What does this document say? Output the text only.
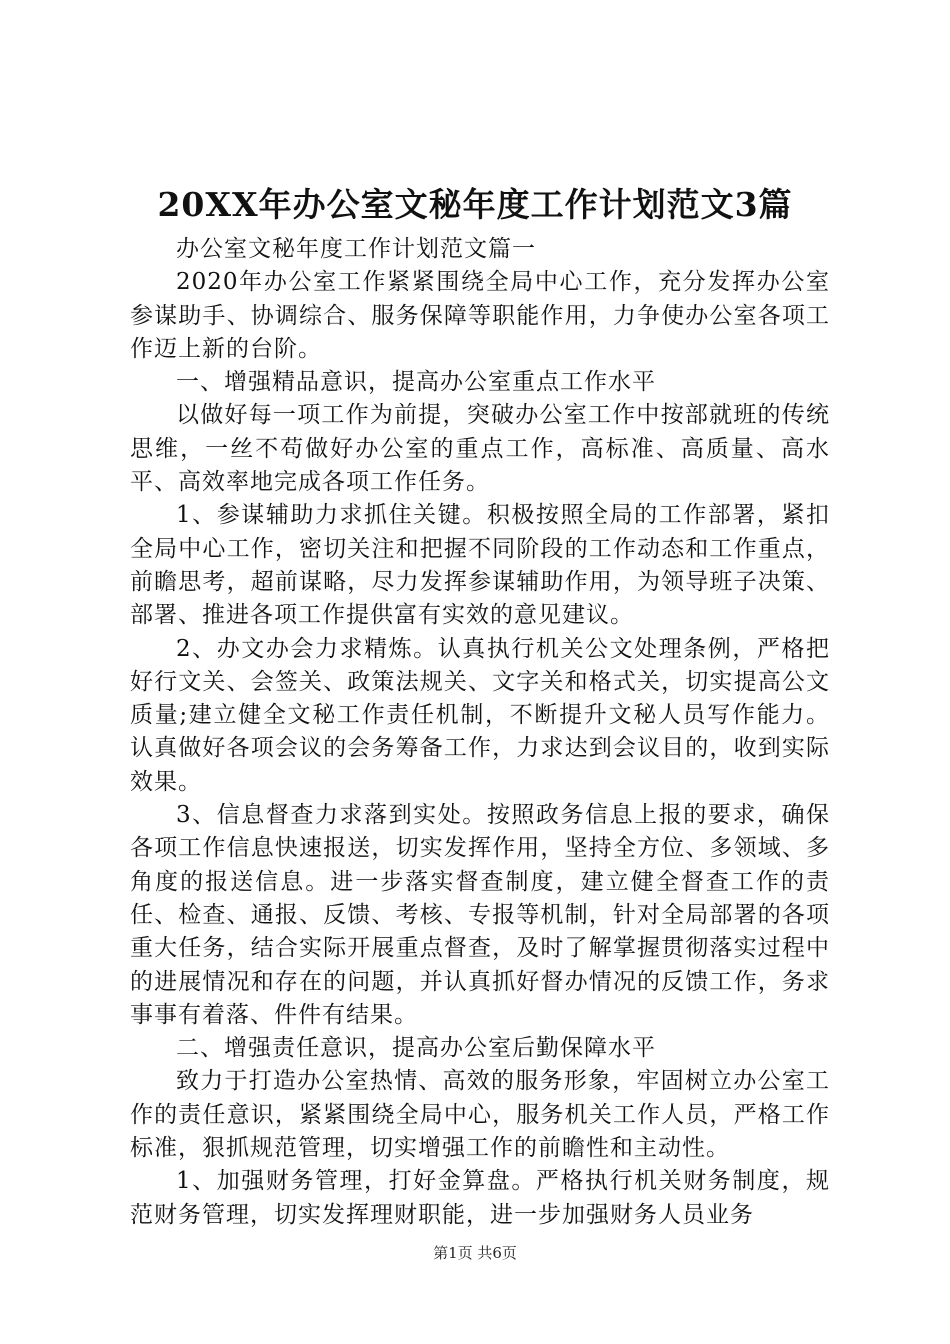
20XX年办公室文秘年度工作计划范文3篇

办公室文秘年度工作计划范文篇一

2020年办公室工作紧紧围绕全局中心工作，充分发挥办公室参谋助手、协调综合、服务保障等职能作用，力争使办公室各项工作迈上新的台阶。

一、增强精品意识，提高办公室重点工作水平

以做好每一项工作为前提，突破办公室工作中按部就班的传统思维，一丝不苟做好办公室的重点工作，高标准、高质量、高水平、高效率地完成各项工作任务。

1、参谋辅助力求抓住关键。积极按照全局的工作部署，紧扣全局中心工作，密切关注和把握不同阶段的工作动态和工作重点，前瞻思考，超前谋略，尽力发挥参谋辅助作用，为领导班子决策、部署、推进各项工作提供富有实效的意见建议。

2、办文办会力求精炼。认真执行机关公文处理条例，严格把好行文关、会签关、政策法规关、文字关和格式关，切实提高公文质量;建立健全文秘工作责任机制，不断提升文秘人员写作能力。认真做好各项会议的会务筹备工作，力求达到会议目的，收到实际效果。

3、信息督查力求落到实处。按照政务信息上报的要求，确保各项工作信息快速报送，切实发挥作用，坚持全方位、多领域、多角度的报送信息。进一步落实督查制度，建立健全督查工作的责任、检查、通报、反馈、考核、专报等机制，针对全局部署的各项重大任务，结合实际开展重点督查，及时了解掌握贯彻落实过程中的进展情况和存在的问题，并认真抓好督办情况的反馈工作，务求事事有着落、件件有结果。

二、增强责任意识，提高办公室后勤保障水平

致力于打造办公室热情、高效的服务形象，牢固树立办公室工作的责任意识，紧紧围绕全局中心，服务机关工作人员，严格工作标准，狠抓规范管理，切实增强工作的前瞻性和主动性。

1、加强财务管理，打好金算盘。严格执行机关财务制度，规范财务管理，切实发挥理财职能，进一步加强财务人员业务

第1页 共6页
